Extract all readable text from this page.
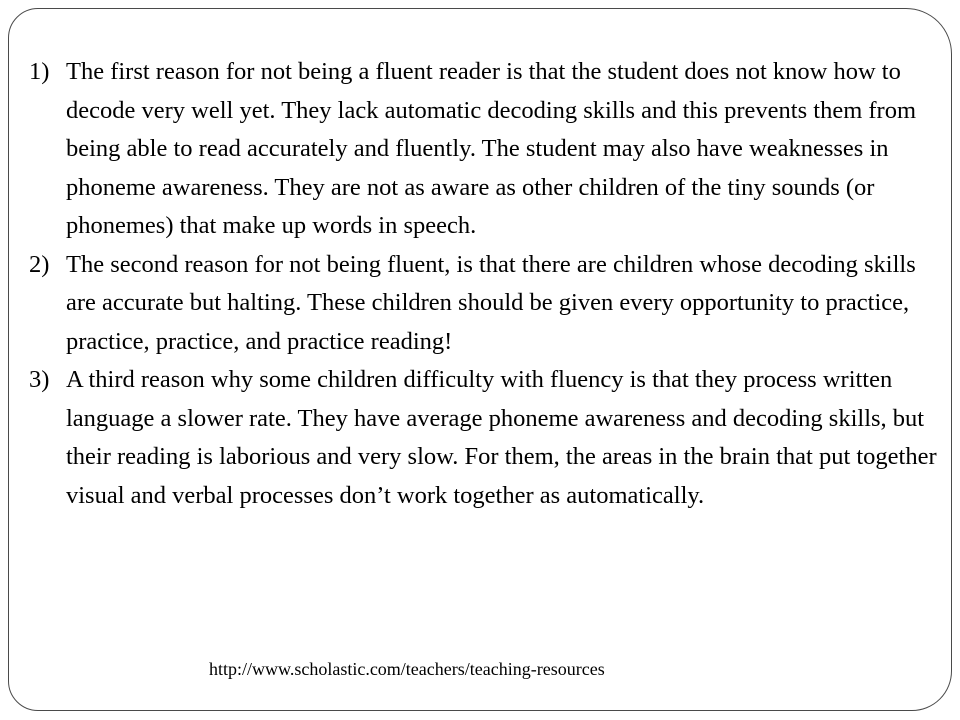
1) The first reason for not being a fluent reader is that the student does not know how to decode very well yet. They lack automatic decoding skills and this prevents them from being able to read accurately and fluently. The student may also have weaknesses in phoneme awareness. They are not as aware as other children of the tiny sounds (or phonemes) that make up words in speech.
2) The second reason for not being fluent, is that there are children whose decoding skills are accurate but halting. These children should be given every opportunity to practice, practice, practice, and practice reading!
3) A third reason why some children difficulty with fluency is that they process written language a slower rate. They have average phoneme awareness and decoding skills, but their reading is laborious and very slow. For them, the areas in the brain that put together visual and verbal processes don’t work together as automatically.
http://www.scholastic.com/teachers/teaching-resources
